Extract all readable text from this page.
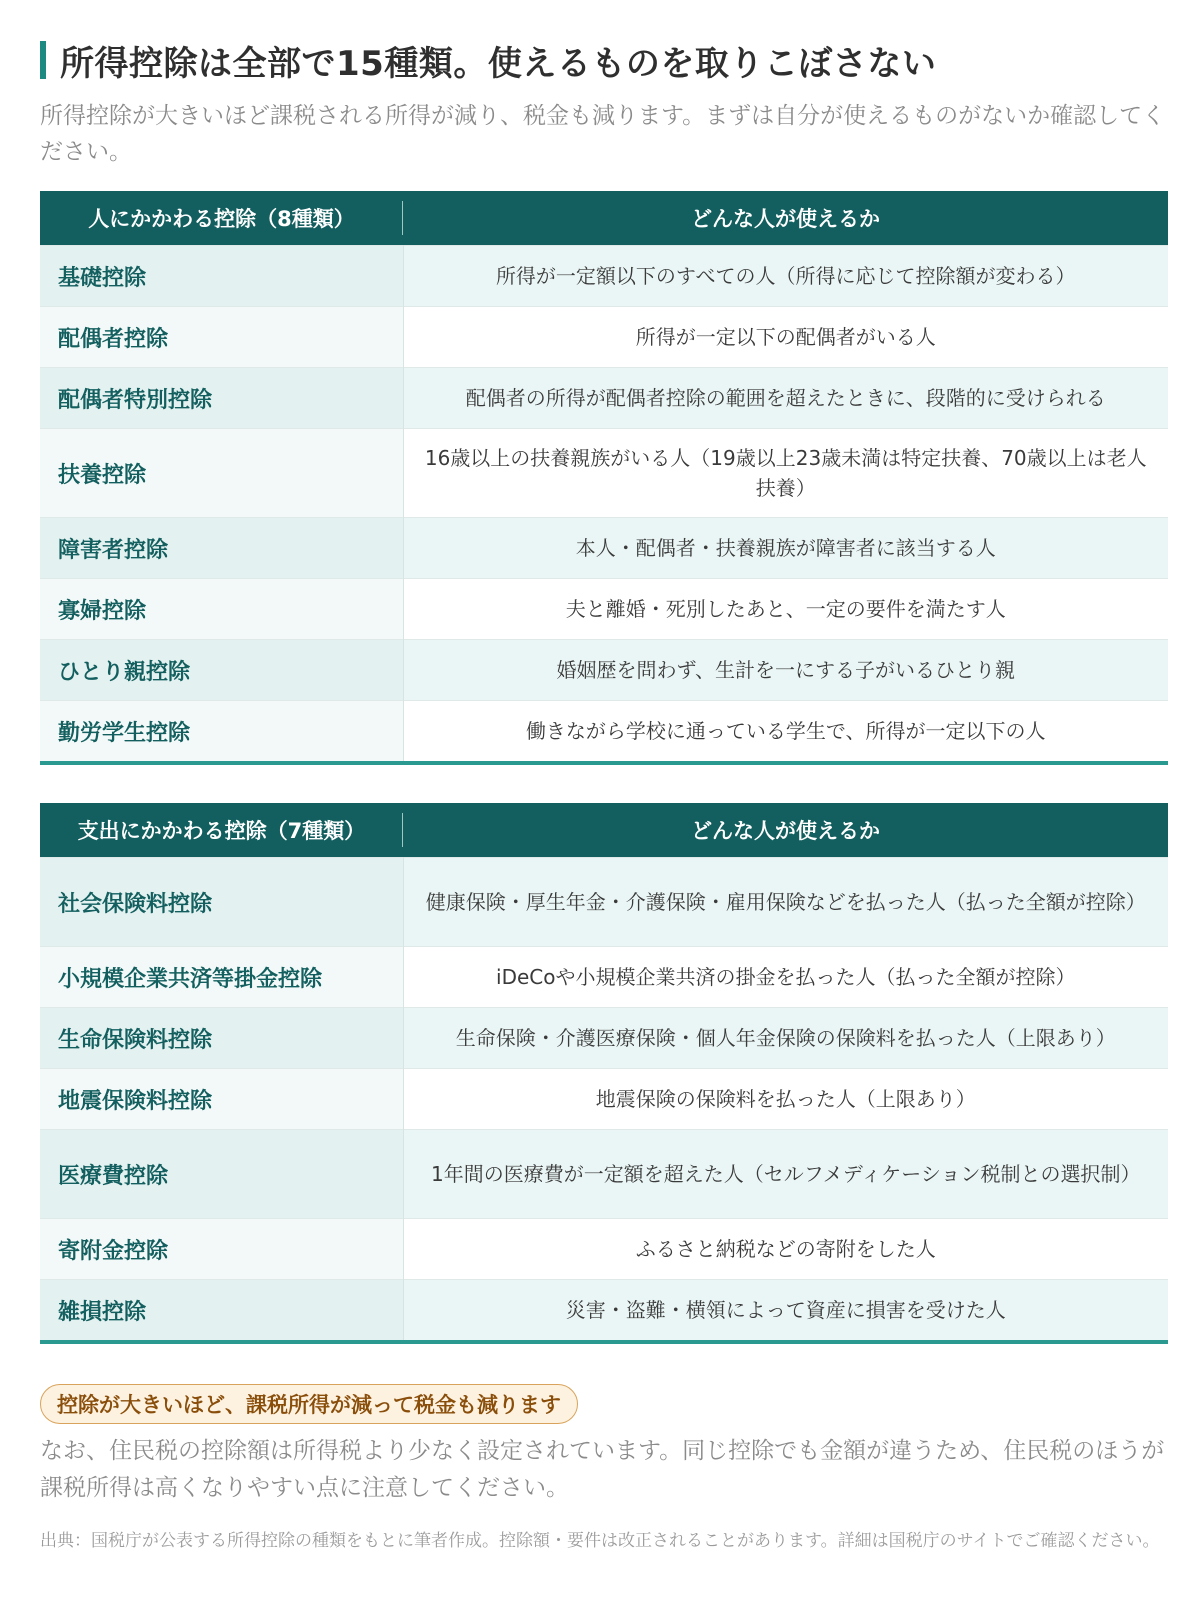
所得控除は全部で15種類。使えるものを取りこぼさない

所得控除が大きいほど課税される所得が減り、税金も減ります。まずは自分が使えるものがないか確認してください。

人にかかわる控除（8種類）	どんな人が使えるか
基礎控除	所得が一定額以下のすべての人（所得に応じて控除額が変わる）
配偶者控除	所得が一定以下の配偶者がいる人
配偶者特別控除	配偶者の所得が配偶者控除の範囲を超えたときに、段階的に受けられる
扶養控除	16歳以上の扶養親族がいる人（19歳以上23歳未満は特定扶養、70歳以上は老人扶養）
障害者控除	本人・配偶者・扶養親族が障害者に該当する人
寡婦控除	夫と離婚・死別したあと、一定の要件を満たす人
ひとり親控除	婚姻歴を問わず、生計を一にする子がいるひとり親
勤労学生控除	働きながら学校に通っている学生で、所得が一定以下の人
支出にかかわる控除（7種類）	どんな人が使えるか
社会保険料控除	健康保険・厚生年金・介護保険・雇用保険などを払った人（払った全額が控除）
小規模企業共済等掛金控除	iDeCoや小規模企業共済の掛金を払った人（払った全額が控除）
生命保険料控除	生命保険・介護医療保険・個人年金保険の保険料を払った人（上限あり）
地震保険料控除	地震保険の保険料を払った人（上限あり）
医療費控除	1年間の医療費が一定額を超えた人（セルフメディケーション税制との選択制）
寄附金控除	ふるさと納税などの寄附をした人
雑損控除	災害・盗難・横領によって資産に損害を受けた人
控除が大きいほど、課税所得が減って税金も減ります

なお、住民税の控除額は所得税より少なく設定されています。同じ控除でも金額が違うため、住民税のほうが課税所得は高くなりやすい点に注意してください。

出典：国税庁が公表する所得控除の種類をもとに筆者作成。控除額・要件は改正されることがあります。詳細は国税庁のサイトでご確認ください。
